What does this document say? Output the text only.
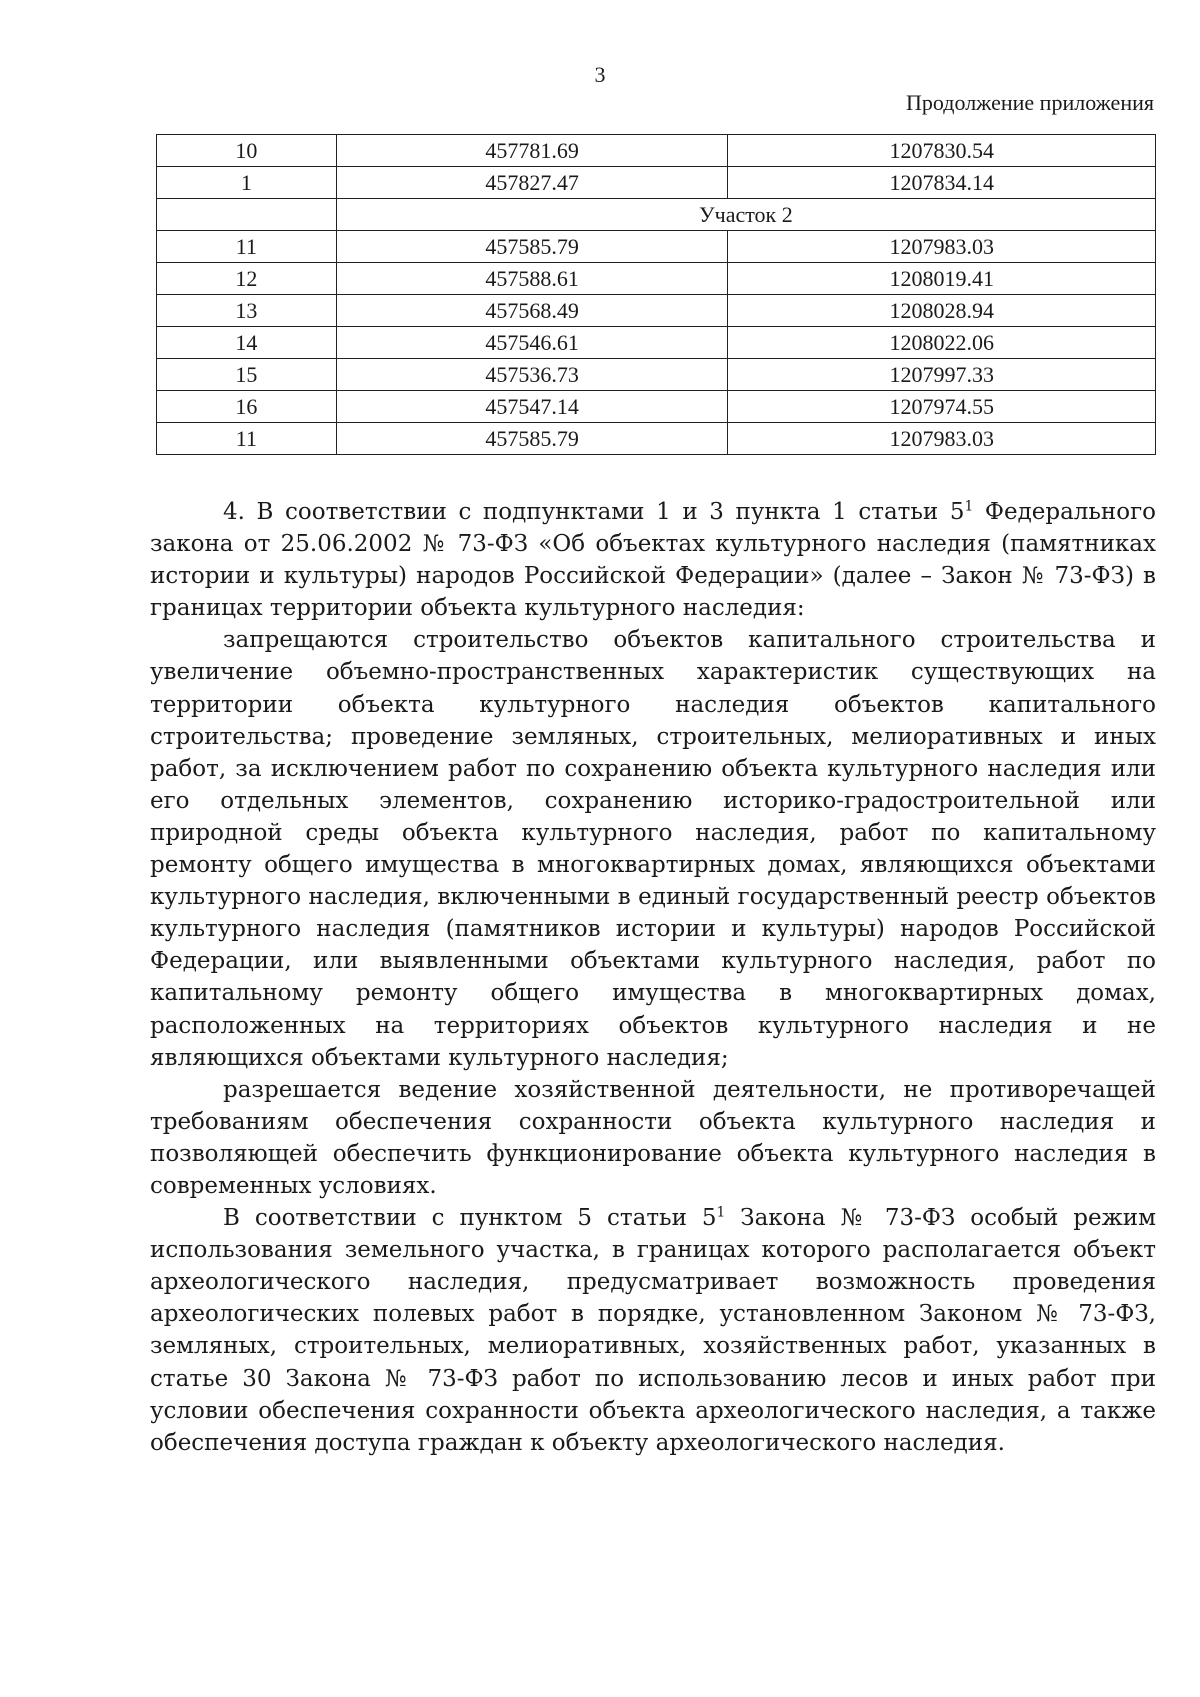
3
Продолжение приложения
10	457781.69	1207830.54
1	457827.47	1207834.14
	Участок 2	
11	457585.79	1207983.03
12	457588.61	1208019.41
13	457568.49	1208028.94
14	457546.61	1208022.06
15	457536.73	1207997.33
16	457547.14	1207974.55
11	457585.79	1207983.03

4. В соответствии с подпунктами 1 и 3 пункта 1 статьи $5^1$ Федерального закона от 25.06.2002 № 73-ФЗ «Об объектах культурного наследия (памятниках истории и культуры) народов Российской Федерации» (далее – Закон № 73-ФЗ) в границах территории объекта культурного наследия:

запрещаются строительство объектов капитального строительства и увеличение объемно-пространственных характеристик существующих на территории объекта культурного наследия объектов капитального строительства; проведение земляных, строительных, мелиоративных и иных работ, за исключением работ по сохранению объекта культурного наследия или его отдельных элементов, сохранению историко-градостроительной или природной среды объекта культурного наследия, работ по капитальному ремонту общего имущества в многоквартирных домах, являющихся объектами культурного наследия, включенными в единый государственный реестр объектов культурного наследия (памятников истории и культуры) народов Российской Федерации, или выявленными объектами культурного наследия, работ по капитальному ремонту общего имущества в многоквартирных домах, расположенных на территориях объектов культурного наследия и не являющихся объектами культурного наследия;

разрешается ведение хозяйственной деятельности, не противоречащей требованиям обеспечения сохранности объекта культурного наследия и позволяющей обеспечить функционирование объекта культурного наследия в современных условиях.

В соответствии с пунктом 5 статьи $5^1$ Закона № 73-ФЗ особый режим использования земельного участка, в границах которого располагается объект археологического наследия, предусматривает возможность проведения археологических полевых работ в порядке, установленном Законом № 73-ФЗ, земляных, строительных, мелиоративных, хозяйственных работ, указанных в статье 30 Закона № 73-ФЗ работ по использованию лесов и иных работ при условии обеспечения сохранности объекта археологического наследия, а также обеспечения доступа граждан к объекту археологического наследия.
